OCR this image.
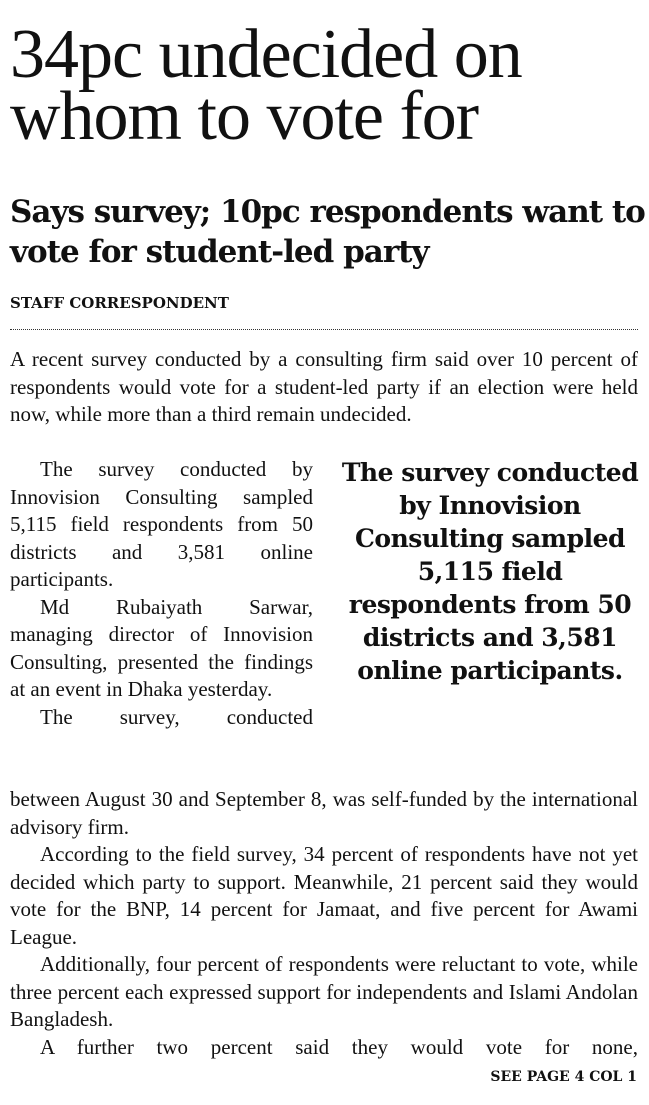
34pc undecided on whom to vote for
Says survey; 10pc respondents want to vote for student-led party
STAFF CORRESPONDENT

A recent survey conducted by a consulting firm said over 10 percent of respondents would vote for a student-led party if an election were held now, while more than a third remain undecided.

The survey conducted by Innovision Consulting sampled 5,115 field respondents from 50 districts and 3,581 online participants.

Md Rubaiyath Sarwar, managing director of Innovision Consulting, presented the findings at an event in Dhaka yesterday.

The survey, conducted

The survey conducted by Innovision Consulting sampled 5,115 field respondents from 50 districts and 3,581 online participants.

between August 30 and September 8, was self-funded by the international advisory firm.

According to the field survey, 34 percent of respondents have not yet decided which party to support. Meanwhile, 21 percent said they would vote for the BNP, 14 percent for Jamaat, and five percent for Awami League.

Additionally, four percent of respondents were reluctant to vote, while three percent each expressed support for independents and Islami Andolan Bangladesh.

A further two percent said they would vote for none,

SEE PAGE 4 COL 1
